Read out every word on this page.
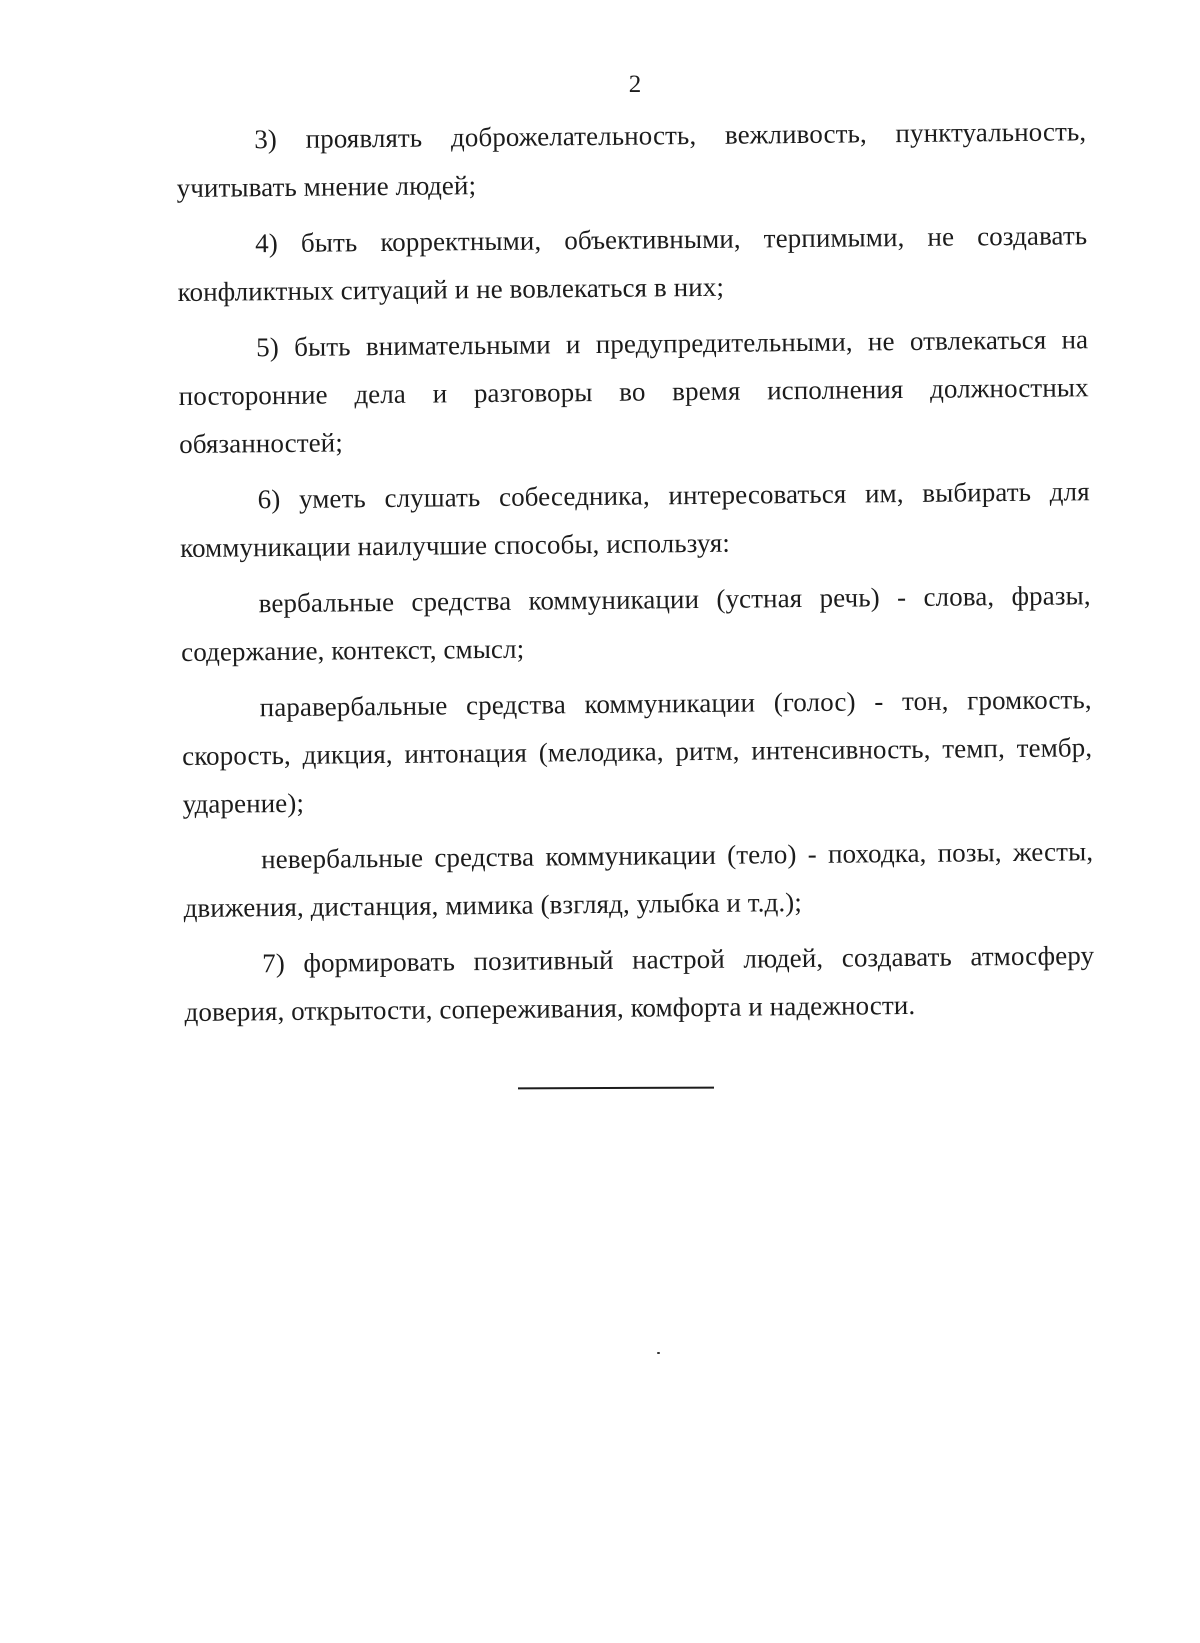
2

3) проявлять доброжелательность, вежливость, пунктуальность, учитывать мнение людей;

4) быть корректными, объективными, терпимыми, не создавать конфликтных ситуаций и не вовлекаться в них;

5) быть внимательными и предупредительными, не отвлекаться на посторонние дела и разговоры во время исполнения должностных обязанностей;

6) уметь слушать собеседника, интересоваться им, выбирать для коммуникации наилучшие способы, используя:

вербальные средства коммуникации (устная речь) - слова, фразы, содержание, контекст, смысл;

паравербальные средства коммуникации (голос) - тон, громкость, скорость, дикция, интонация (мелодика, ритм, интенсивность, темп, тембр, ударение);

невербальные средства коммуникации (тело) - походка, позы, жесты, движения, дистанция, мимика (взгляд, улыбка и т.д.);

7) формировать позитивный настрой людей, создавать атмосферу доверия, открытости, сопереживания, комфорта и надежности.
